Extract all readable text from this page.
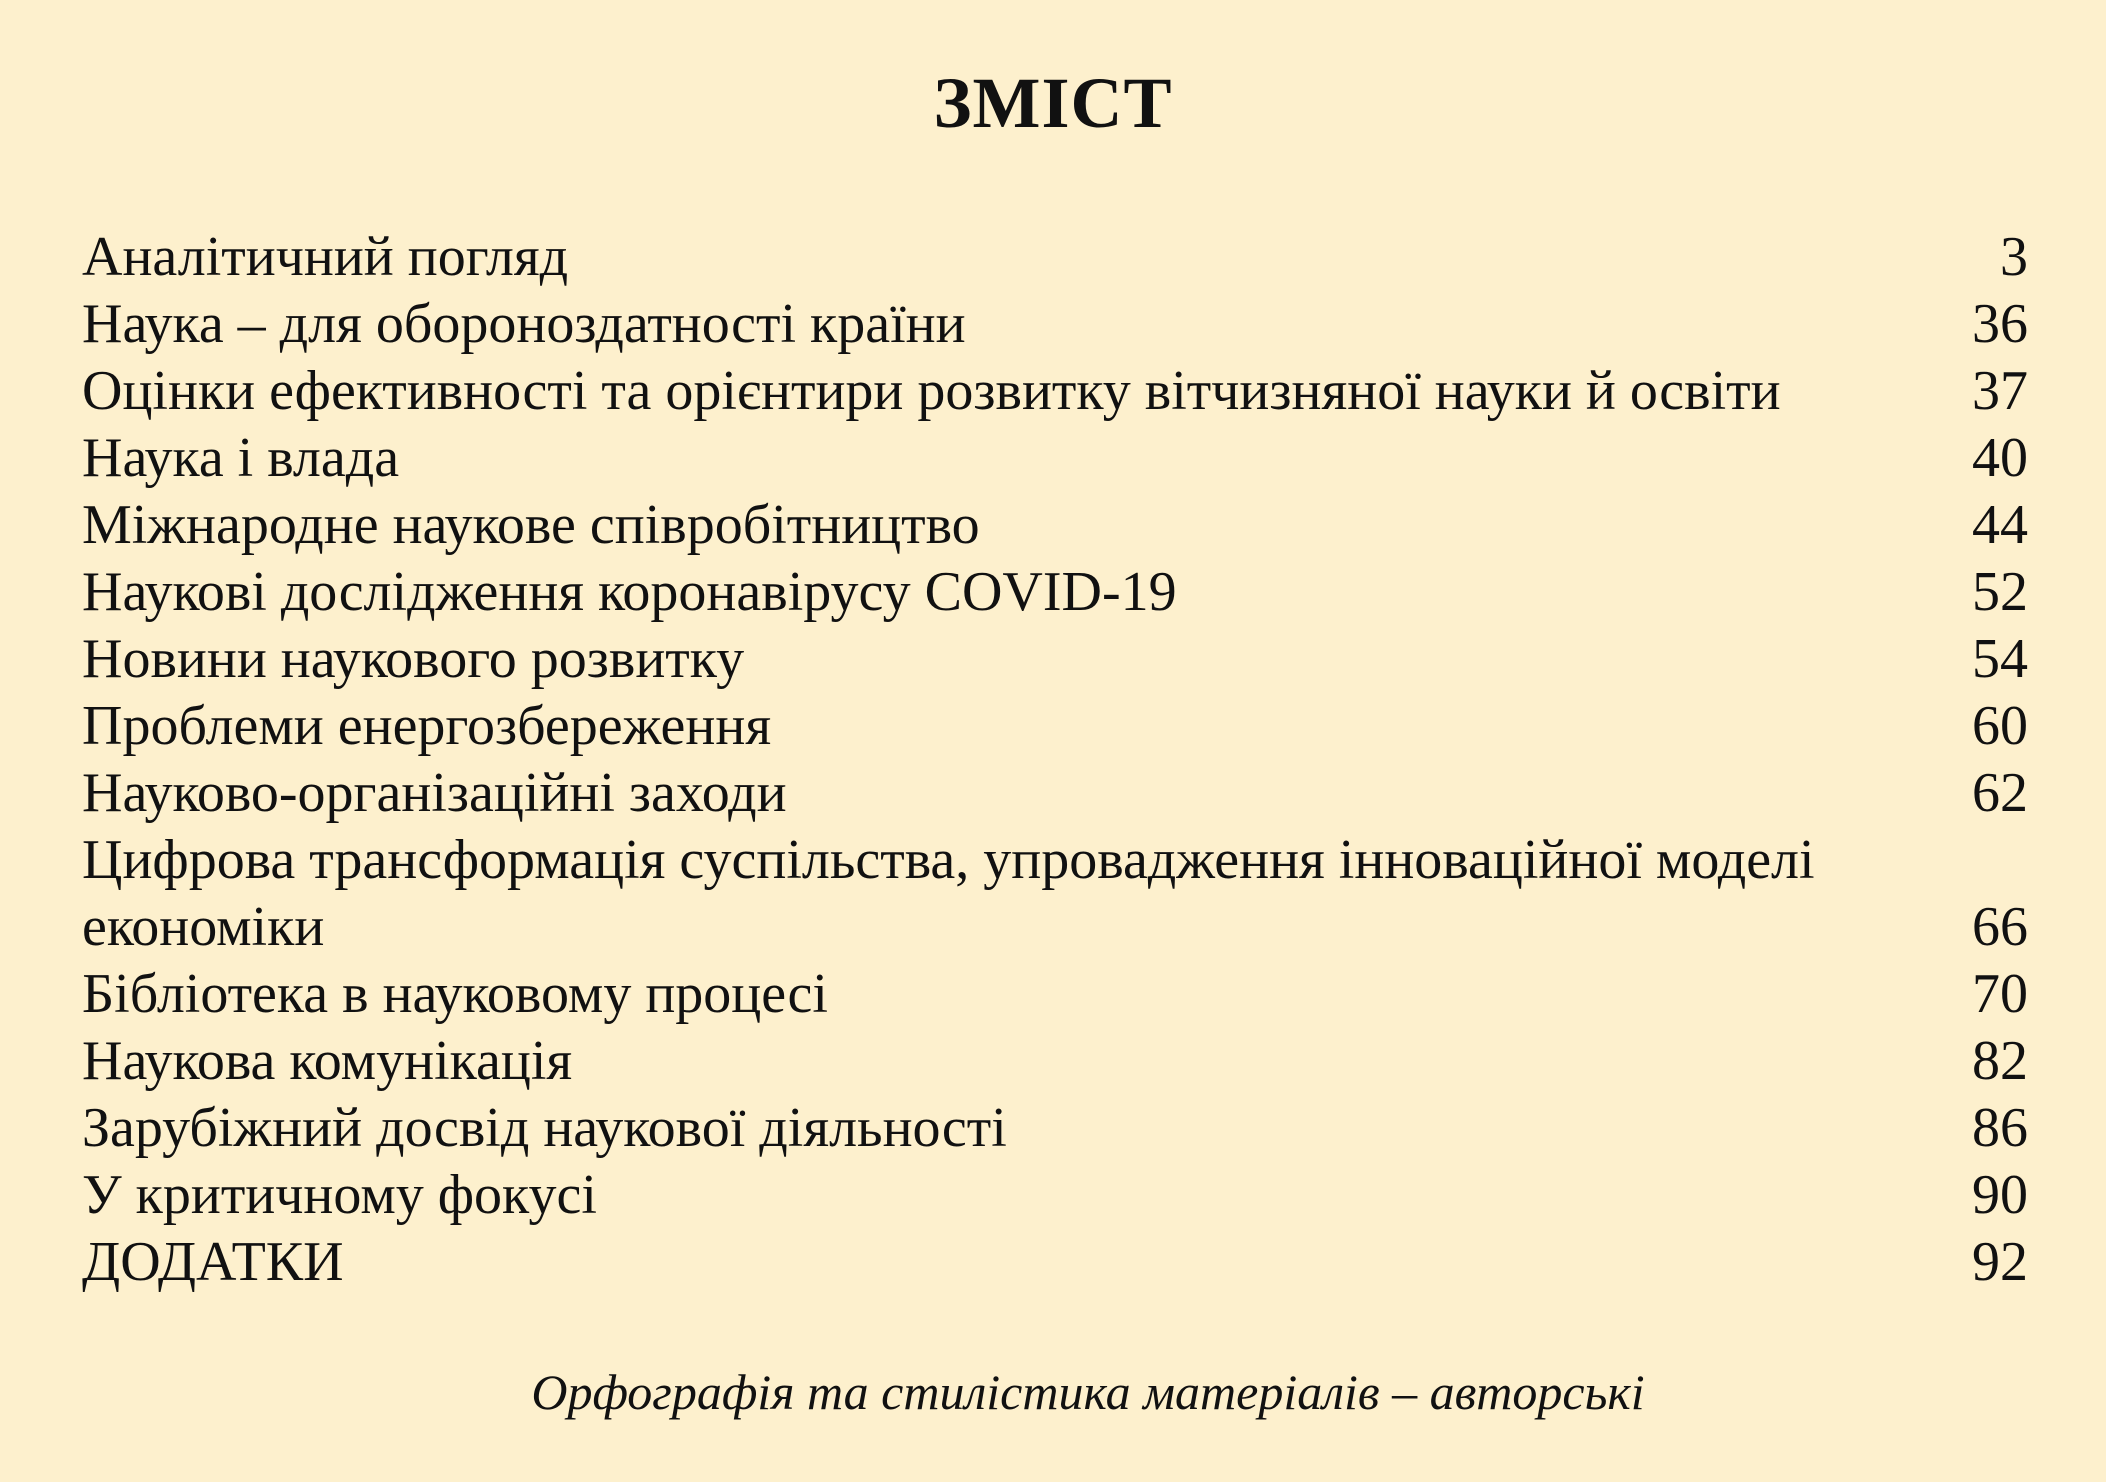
ЗМІСТ
Аналітичний погляд	3
Наука – для обороноздатності країни	36
Оцінки ефективності та орієнтири розвитку вітчизняної науки й освіти	37
Наука і влада	40
Міжнародне наукове співробітництво	44
Наукові дослідження коронавірусу COVID-19	52
Новини наукового розвитку	54
Проблеми енергозбереження	60
Науково-організаційні заходи	62
Цифрова трансформація суспільства, упровадження інноваційної моделі
економіки	66
Бібліотека в науковому процесі	70
Наукова комунікація	82
Зарубіжний досвід наукової діяльності	86
У критичному фокусі	90
ДОДАТКИ	92
Орфографія та стилістика матеріалів – авторські
